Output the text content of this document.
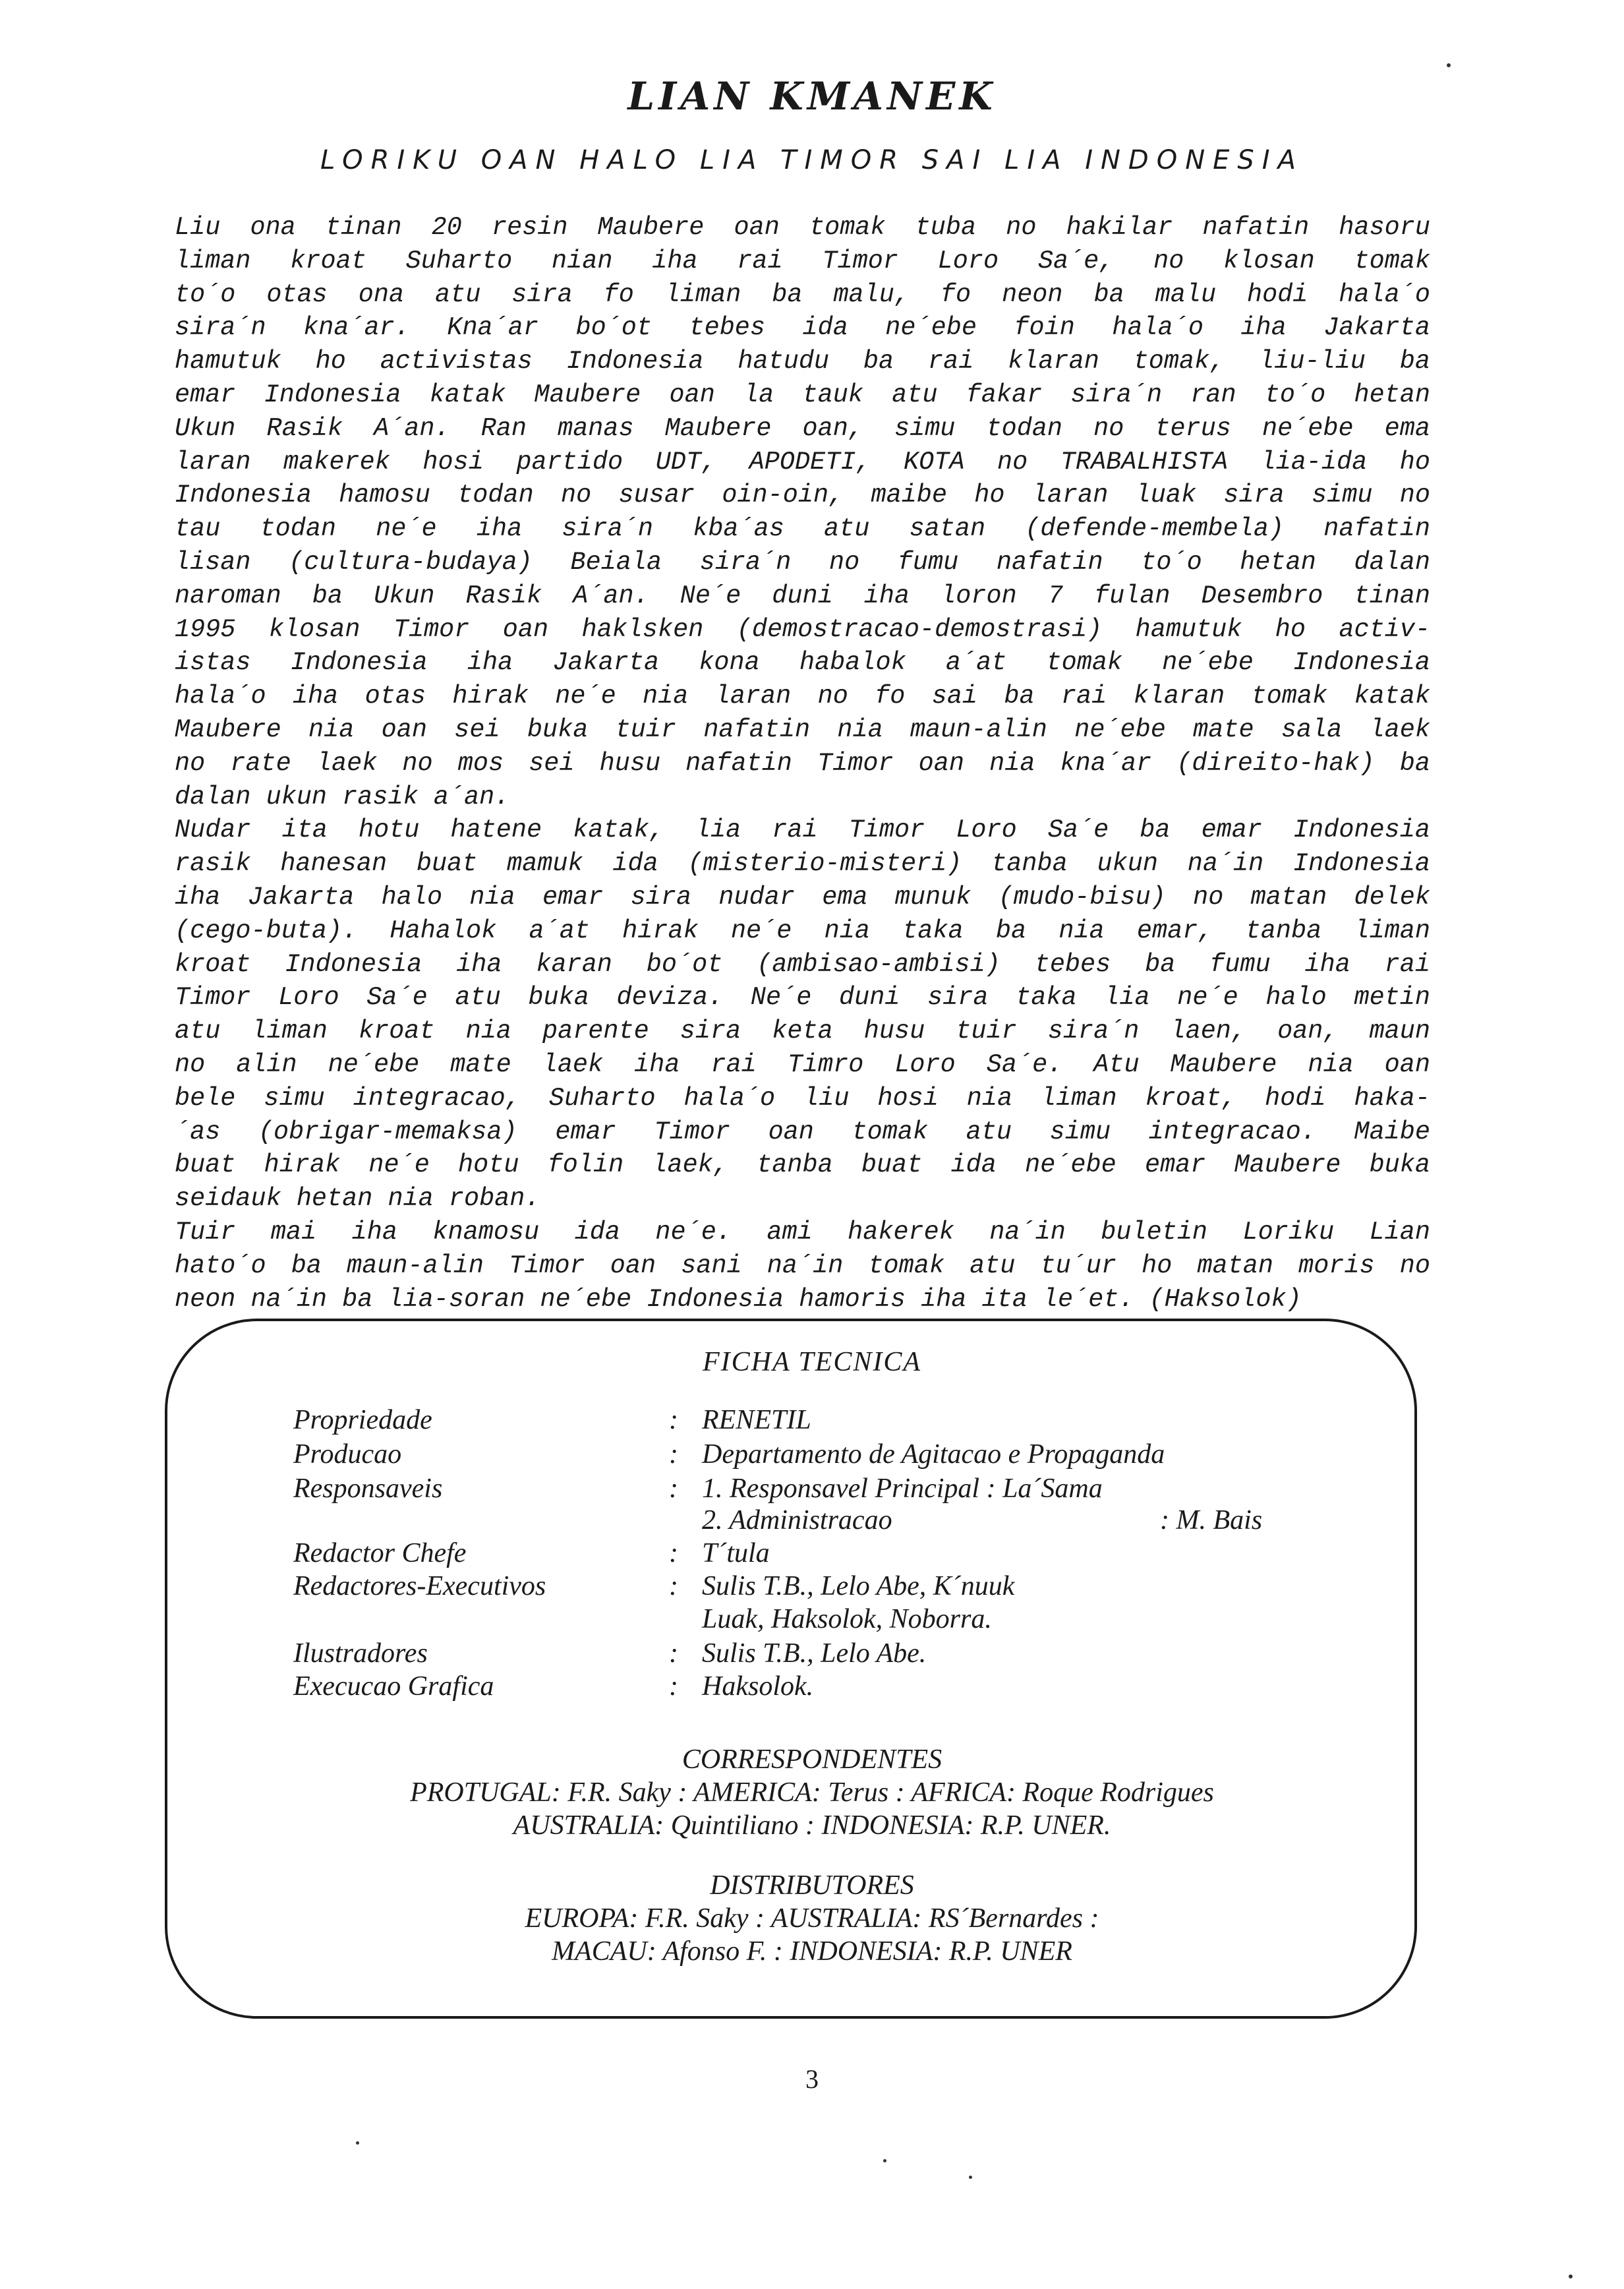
LIAN KMANEK
LORIKU OAN HALO LIA TIMOR SAI LIA INDONESIA
Liu ona tinan 20 resin Maubere oan tomak tuba no hakilar nafatin hasoru
liman kroat Suharto nian iha rai Timor Loro Sa´e, no klosan tomak
to´o otas ona atu sira fo liman ba malu, fo neon ba malu hodi hala´o
sira´n kna´ar. Kna´ar bo´ot tebes ida ne´ebe foin hala´o iha Jakarta
hamutuk ho activistas Indonesia hatudu ba rai klaran tomak, liu-liu ba
emar Indonesia katak Maubere oan la tauk atu fakar sira´n ran to´o hetan
Ukun Rasik A´an. Ran manas Maubere oan, simu todan no terus ne´ebe ema
laran makerek hosi partido UDT, APODETI, KOTA no TRABALHISTA lia-ida ho
Indonesia hamosu todan no susar oin-oin, maibe ho laran luak sira simu no
tau todan ne´e iha sira´n kba´as atu satan (defende-membela) nafatin
lisan (cultura-budaya) Beiala sira´n no fumu nafatin to´o hetan dalan
naroman ba Ukun Rasik A´an. Ne´e duni iha loron 7 fulan Desembro tinan
1995 klosan Timor oan haklsken (demostracao-demostrasi) hamutuk ho activ-
istas Indonesia iha Jakarta kona habalok a´at tomak ne´ebe Indonesia
hala´o iha otas hirak ne´e nia laran no fo sai ba rai klaran tomak katak
Maubere nia oan sei buka tuir nafatin nia maun-alin ne´ebe mate sala laek
no rate laek no mos sei husu nafatin Timor oan nia kna´ar (direito-hak) ba
dalan ukun rasik a´an.
Nudar ita hotu hatene katak, lia rai Timor Loro Sa´e ba emar Indonesia
rasik hanesan buat mamuk ida (misterio-misteri) tanba ukun na´in Indonesia
iha Jakarta halo nia emar sira nudar ema munuk (mudo-bisu) no matan delek
(cego-buta). Hahalok a´at hirak ne´e nia taka ba nia emar, tanba liman
kroat Indonesia iha karan bo´ot (ambisao-ambisi) tebes ba fumu iha rai
Timor Loro Sa´e atu buka deviza. Ne´e duni sira taka lia ne´e halo metin
atu liman kroat nia parente sira keta husu tuir sira´n laen, oan, maun
no alin ne´ebe mate laek iha rai Timro Loro Sa´e. Atu Maubere nia oan
bele simu integracao, Suharto hala´o liu hosi nia liman kroat, hodi haka-
´as (obrigar-memaksa) emar Timor oan tomak atu simu integracao. Maibe
buat hirak ne´e hotu folin laek, tanba buat ida ne´ebe emar Maubere buka
seidauk hetan nia roban.
Tuir mai iha knamosu ida ne´e. ami hakerek na´in buletin Loriku Lian
hato´o ba maun-alin Timor oan sani na´in tomak atu tu´ur ho matan moris no
neon na´in ba lia-soran ne´ebe Indonesia hamoris iha ita le´et. (Haksolok)
FICHA TECNICA
Propriedade	: RENETIL
Producao	: Departamento de Agitacao e Propaganda
Responsaveis	: 1. Responsavel Principal : La´Sama
2. Administracao	: M. Bais
Redactor Chefe	: T´tula
Redactores-Executivos	: Sulis T.B., Lelo Abe, K´nuuk
Luak, Haksolok, Noborra.
Ilustradores	: Sulis T.B., Lelo Abe.
Execucao Grafica	: Haksolok.
CORRESPONDENTES
PROTUGAL: F.R. Saky : AMERICA: Terus : AFRICA: Roque Rodrigues
AUSTRALIA: Quintiliano : INDONESIA: R.P. UNER.
DISTRIBUTORES
EUROPA: F.R. Saky : AUSTRALIA: RS´Bernardes :
MACAU: Afonso F. : INDONESIA: R.P. UNER
3
